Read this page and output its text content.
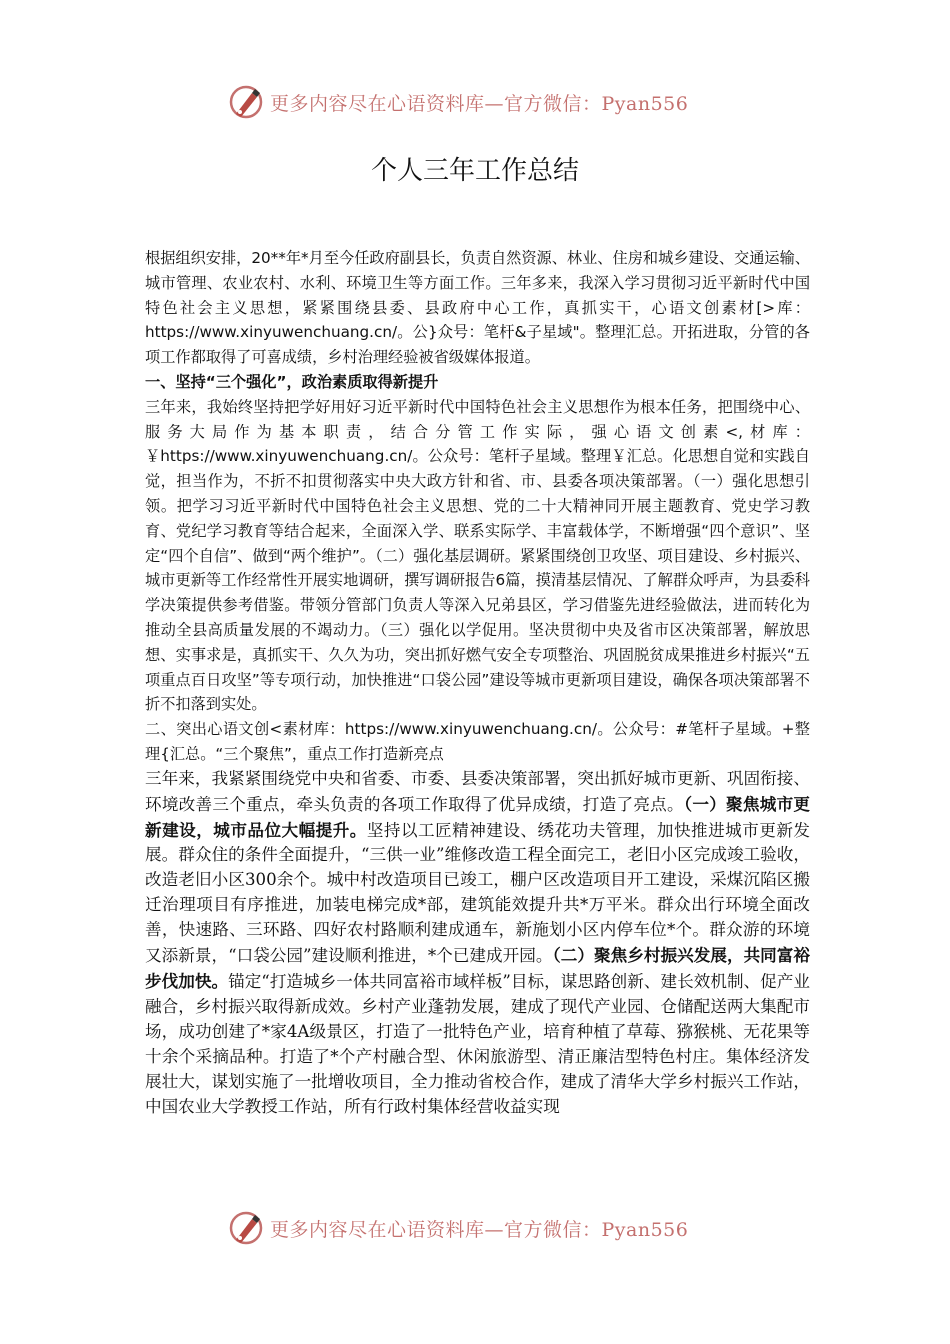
更多内容尽在心语资料库—官方微信：Pyan556
个人三年工作总结

根据组织安排，20**年*月至今任政府副县长，负责自然资源、林业、住房和城乡建设、交通运输、城市管理、农业农村、水利、环境卫生等方面工作。三年多来，我深入学习贯彻习近平新时代中国特色社会主义思想，紧紧围绕县委、县政府中心工作，真抓实干，心语文创素材[>库：https://www.xinyuwenchuang.cn/。公}众号：笔杆&子星域"。整理汇总。开拓进取，分管的各项工作都取得了可喜成绩，乡村治理经验被省级媒体报道。

一、坚持“三个强化”，政治素质取得新提升

三年来，我始终坚持把学好用好习近平新时代中国特色社会主义思想作为根本任务，把围绕中心、服务大局作为基本职责，结合分管工作实际，强心语文创素<,材库：￥https://www.xinyuwenchuang.cn/。公众号：笔杆子星域。整理￥汇总。化思想自觉和实践自觉，担当作为，不折不扣贯彻落实中央大政方针和省、市、县委各项决策部署。（一）强化思想引领。把学习习近平新时代中国特色社会主义思想、党的二十大精神同开展主题教育、党史学习教育、党纪学习教育等结合起来，全面深入学、联系实际学、丰富载体学，不断增强“四个意识”、坚定“四个自信”、做到“两个维护”。（二）强化基层调研。紧紧围绕创卫攻坚、项目建设、乡村振兴、城市更新等工作经常性开展实地调研，撰写调研报告6篇，摸清基层情况、了解群众呼声，为县委科学决策提供参考借鉴。带领分管部门负责人等深入兄弟县区，学习借鉴先进经验做法，进而转化为推动全县高质量发展的不竭动力。（三）强化以学促用。坚决贯彻中央及省市区决策部署，解放思想、实事求是，真抓实干、久久为功，突出抓好燃气安全专项整治、巩固脱贫成果推进乡村振兴“五项重点百日攻坚”等专项行动，加快推进“口袋公园”建设等城市更新项目建设，确保各项决策部署不折不扣落到实处。

二、突出心语文创<素材库：https://www.xinyuwenchuang.cn/。公众号：#笔杆子星域。+整理{汇总。“三个聚焦”，重点工作打造新亮点

三年来，我紧紧围绕党中央和省委、市委、县委决策部署，突出抓好城市更新、巩固衔接、环境改善三个重点，牵头负责的各项工作取得了优异成绩，打造了亮点。（一）聚焦城市更新建设，城市品位大幅提升。坚持以工匠精神建设、绣花功夫管理，加快推进城市更新发展。群众住的条件全面提升，“三供一业”维修改造工程全面完工，老旧小区完成竣工验收，改造老旧小区300余个。城中村改造项目已竣工，棚户区改造项目开工建设，采煤沉陷区搬迁治理项目有序推进，加装电梯完成*部，建筑能效提升共*万平米。群众出行环境全面改善，快速路、三环路、四好农村路顺利建成通车，新施划小区内停车位*个。群众游的环境又添新景，“口袋公园”建设顺利推进，*个已建成开园。（二）聚焦乡村振兴发展，共同富裕步伐加快。锚定“打造城乡一体共同富裕市域样板”目标，谋思路创新、建长效机制、促产业融合，乡村振兴取得新成效。乡村产业蓬勃发展，建成了现代产业园、仓储配送两大集配市场，成功创建了*家4A级景区，打造了一批特色产业，培育种植了草莓、猕猴桃、无花果等十余个采摘品种。打造了*个产村融合型、休闲旅游型、清正廉洁型特色村庄。集体经济发展壮大，谋划实施了一批增收项目，全力推动省校合作，建成了清华大学乡村振兴工作站，中国农业大学教授工作站，所有行政村集体经营收益实现

更多内容尽在心语资料库—官方微信：Pyan556
